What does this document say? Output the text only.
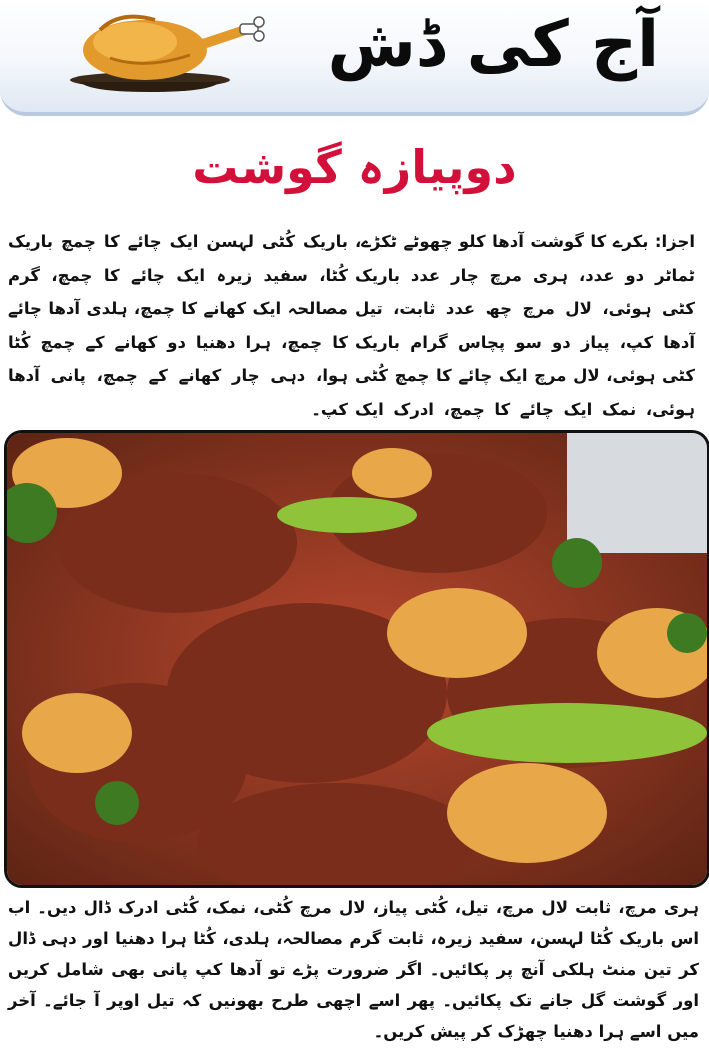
آج کی ڈش
دوپیازہ گوشت
اجزا: بکرے کا گوشت آدھا کلو چھوٹے ٹکڑے، ٹماٹر دو عدد، ہری مرچ چار عدد باریک کٹی ہوئی، لال مرچ چھ عدد ثابت، تیل آدھا کپ، پیاز دو سو پچاس گرام باریک کٹی ہوئی، لال مرچ ایک چائے کا چمچ کُٹی ہوئی، نمک ایک چائے کا چمچ، ادرک ایک
باریک کُٹی لہسن ایک چائے کا چمچ باریک کُٹا، سفید زیرہ ایک چائے کا چمچ، گرم مصالحہ ایک کھانے کا چمچ، ہلدی آدھا چائے کا چمچ، ہرا دھنیا دو کھانے کے چمچ کُٹا ہوا، دہی چار کھانے کے چمچ، پانی آدھا کپ۔

ہری مرچ، ثابت لال مرچ، تیل، کُٹی پیاز، لال مرچ کُٹی، نمک، کُٹی ادرک ڈال دیں۔ اب اس باریک کُٹا لہسن، سفید زیرہ، ثابت گرم مصالحہ، ہلدی، کُٹا ہرا دھنیا اور دہی ڈال کر تین منٹ ہلکی آنچ پر پکائیں۔ اگر ضرورت پڑے تو آدھا کپ پانی بھی شامل کریں اور گوشت گل جانے تک پکائیں۔ پھر اسے اچھی طرح بھونیں کہ تیل اوپر آ جائے۔ آخر میں اسے ہرا دھنیا چھڑک کر پیش کریں۔
